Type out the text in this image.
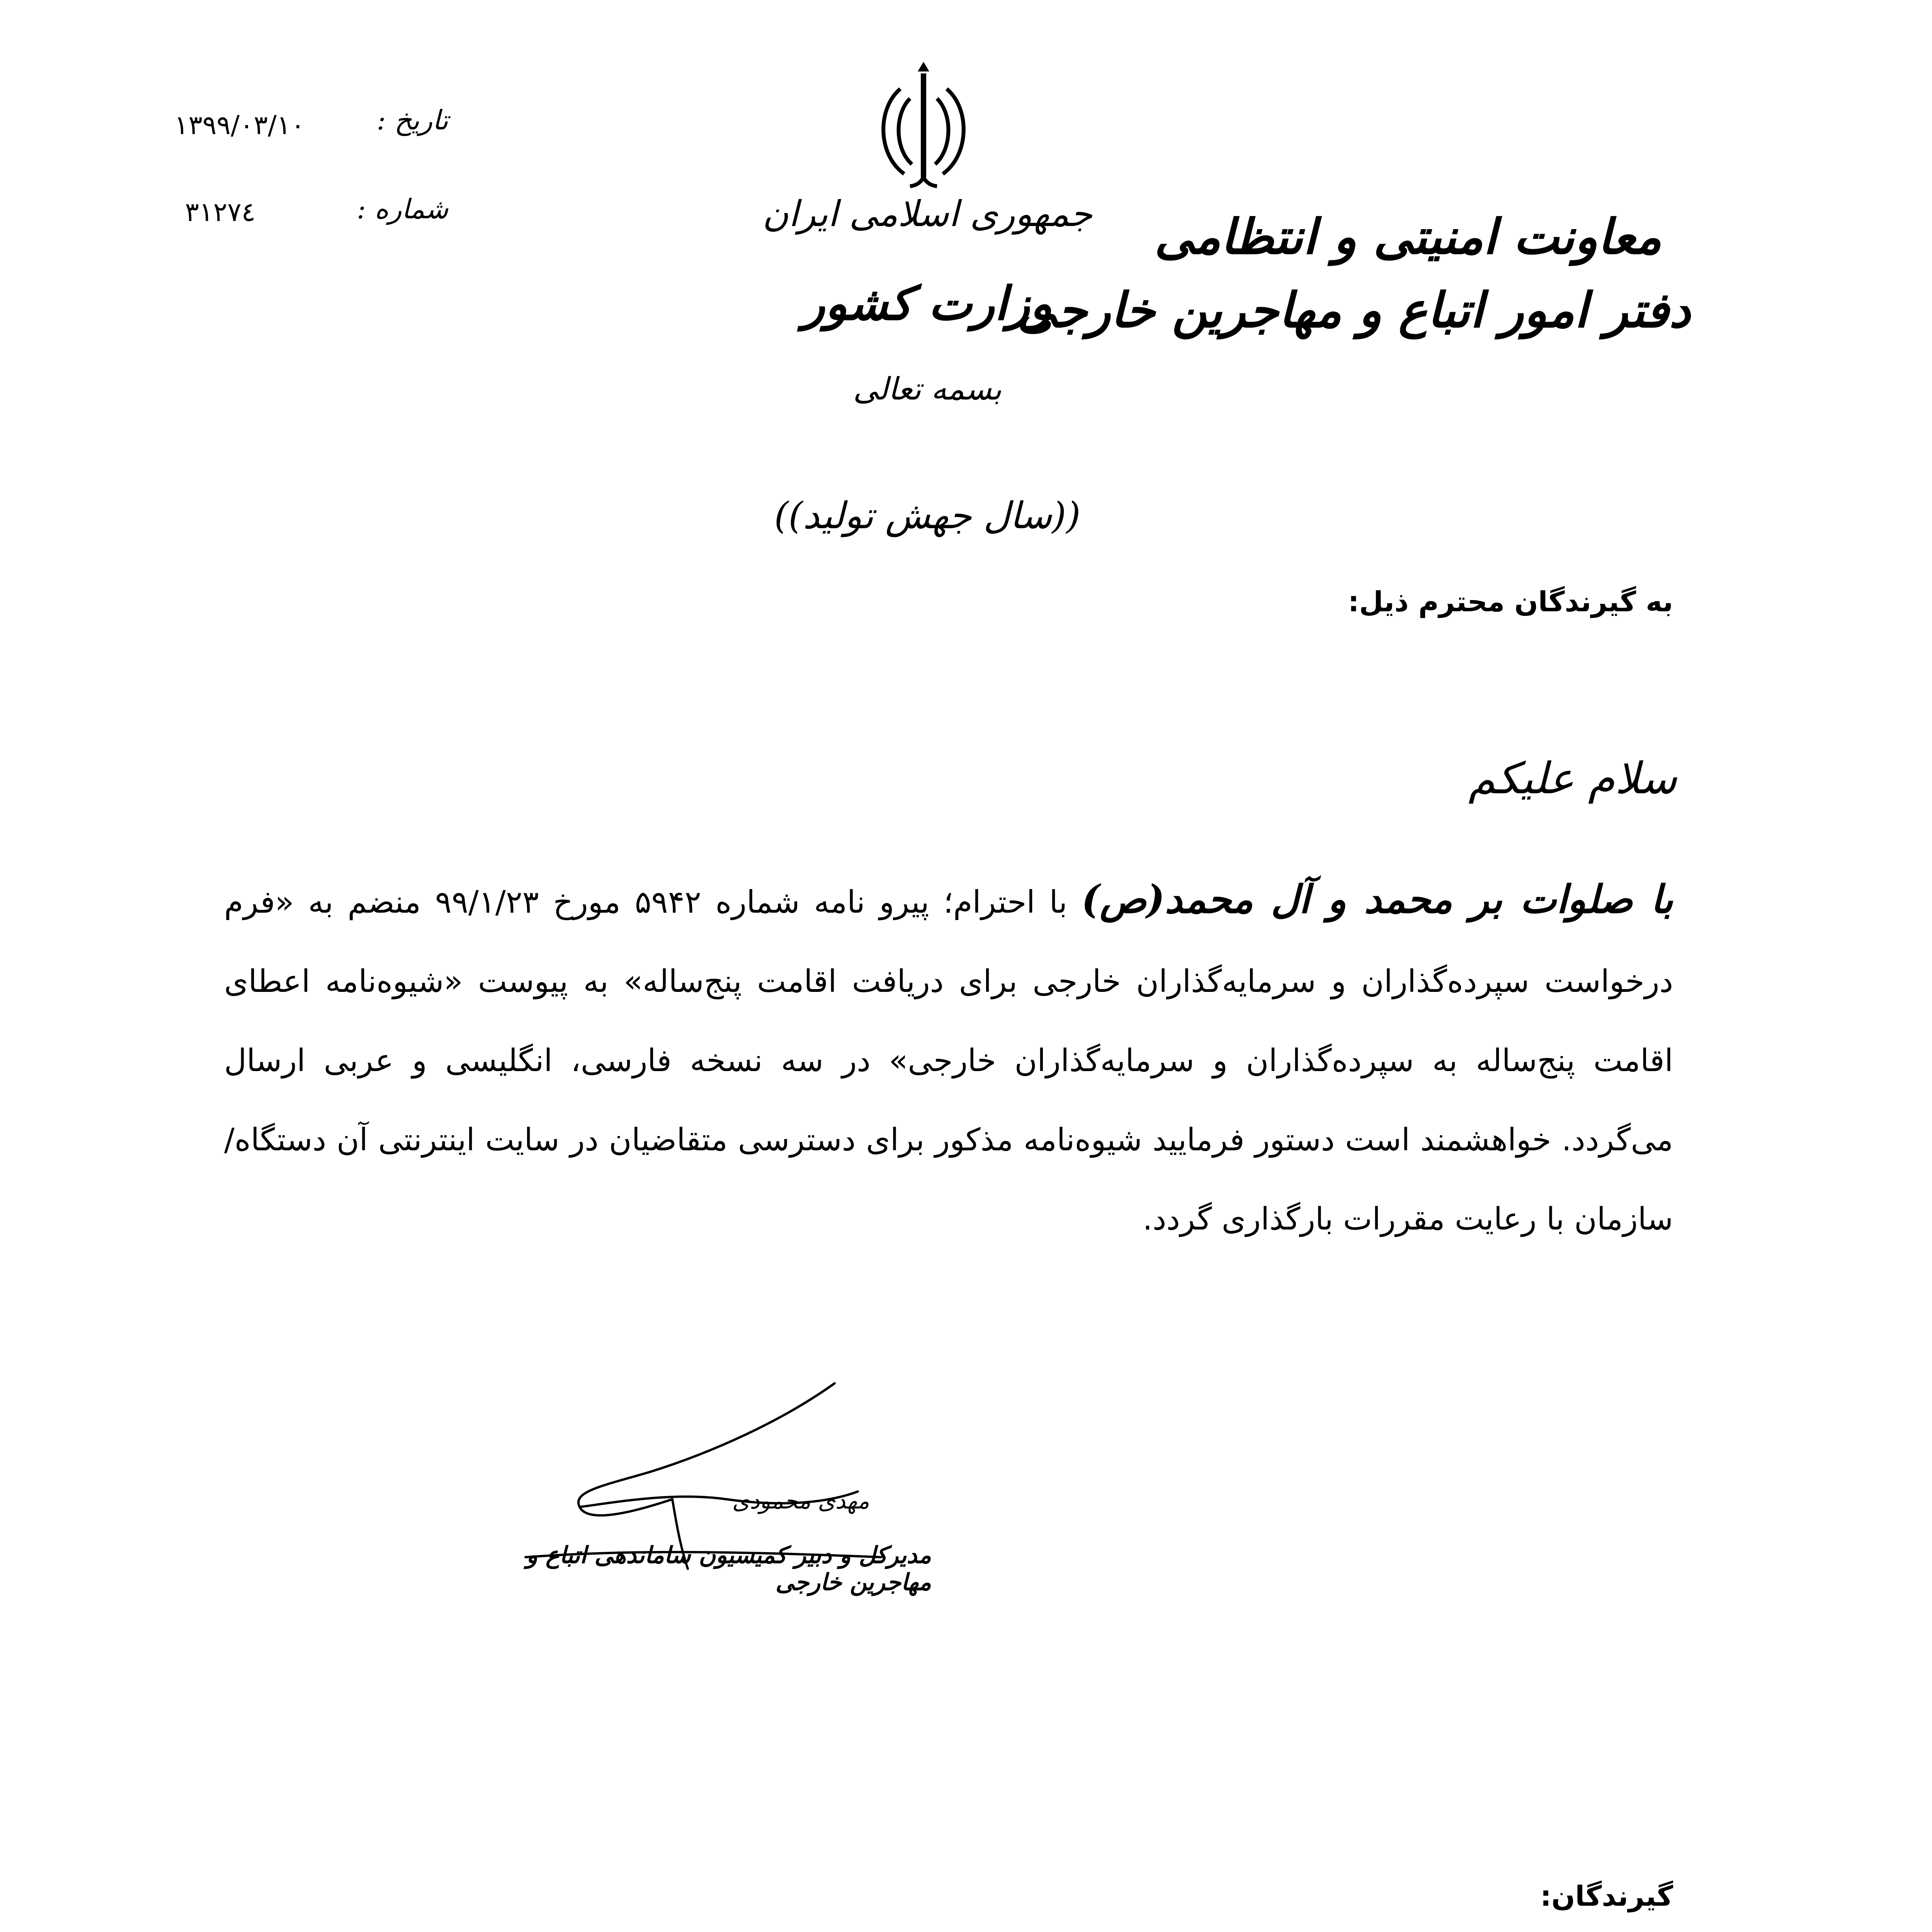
تاریخ :
۱۳۹۹/۰۳/۱۰
شماره :
۳۱۲۷٤	جمهوری اسلامی ایران
وزارت کشور
بسمه تعالی
((سال جهش تولید))
معاونت امنیتی و انتظامی
دفتر امور اتباع و مهاجرین خارجی
به گیرندگان محترم ذیل:
سلام علیکم
با صلوات بر محمد و آل محمد(ص) با احترام؛ پیرو نامه شماره ۵۹۴۲ مورخ ۹۹/۱/۲۳ منضم به «فرم درخواست سپرده‌گذاران و سرمایه‌گذاران خارجی برای دریافت اقامت پنج‌ساله» به پیوست «شیوه‌نامه اعطای اقامت پنج‌ساله به سپرده‌گذاران و سرمایه‌گذاران خارجی» در سه نسخه فارسی، انگلیسی و عربی ارسال می‌گردد. خواهشمند است دستور فرمایید شیوه‌نامه مذکور برای دسترسی متقاضیان در سایت اینترنتی آن دستگاه/سازمان با رعایت مقررات بارگذاری گردد.
مهدی محمودی
مدیرکل و دبیر کمیسیون ساماندهی اتباع و مهاجرین خارجی
گیرندگان:
